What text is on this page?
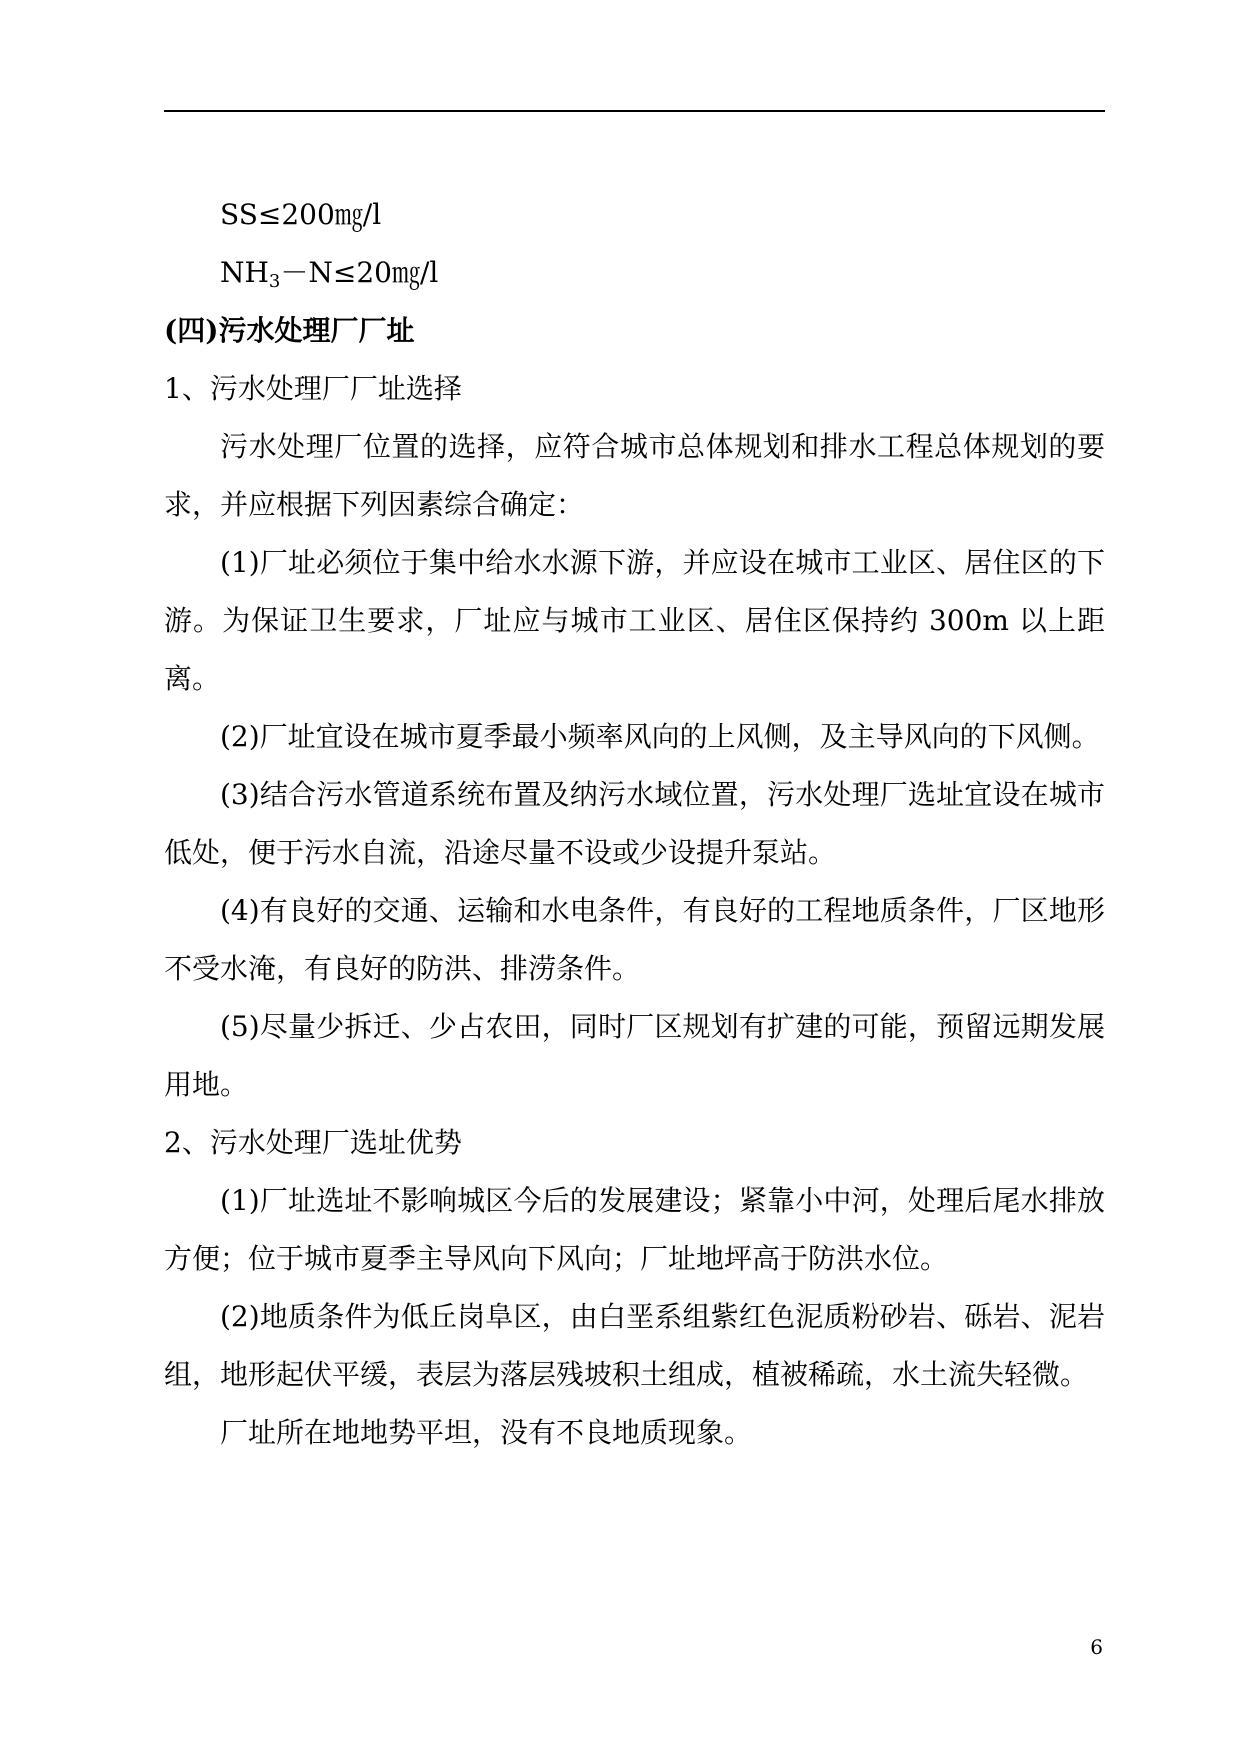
SS≤200㎎/l

$NH_3-N\le 20㎎/l$

(四)污水处理厂厂址

1、污水处理厂厂址选择

污水处理厂位置的选择，应符合城市总体规划和排水工程总体规划的要求，并应根据下列因素综合确定：

(1)厂址必须位于集中给水水源下游，并应设在城市工业区、居住区的下游。为保证卫生要求，厂址应与城市工业区、居住区保持约 300m 以上距离。

(2)厂址宜设在城市夏季最小频率风向的上风侧，及主导风向的下风侧。

(3)结合污水管道系统布置及纳污水域位置，污水处理厂选址宜设在城市低处，便于污水自流，沿途尽量不设或少设提升泵站。

(4)有良好的交通、运输和水电条件，有良好的工程地质条件，厂区地形不受水淹，有良好的防洪、排涝条件。

(5)尽量少拆迁、少占农田，同时厂区规划有扩建的可能，预留远期发展用地。

2、污水处理厂选址优势

(1)厂址选址不影响城区今后的发展建设；紧靠小中河，处理后尾水排放方便；位于城市夏季主导风向下风向；厂址地坪高于防洪水位。

(2)地质条件为低丘岗阜区，由白垩系组紫红色泥质粉砂岩、砾岩、泥岩组，地形起伏平缓，表层为落层残坡积土组成，植被稀疏，水土流失轻微。

厂址所在地地势平坦，没有不良地质现象。

6
